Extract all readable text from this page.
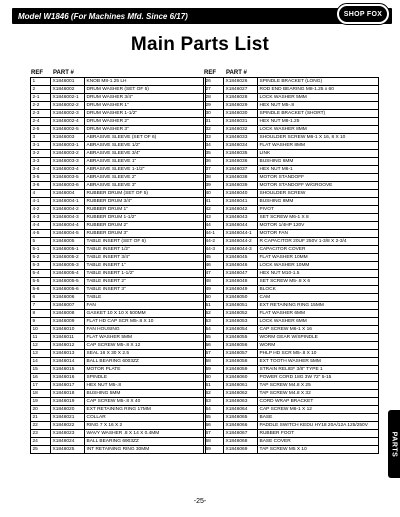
Model W1846 (For Machines Mfd. Since 6/17)	SHOP FOX
Main Parts List
REF	PART #
1	X1846001	KNOB M8-1.25 LH
2	X1846002	DRUM WASHER (SET OF 5)
2-1	X1846002-1	DRUM WASHER 3/4"
2-2	X1846002-2	DRUM WASHER 1"
2-3	X1846002-3	DRUM WASHER 1-1/2"
2-4	X1846002-4	DRUM WASHER 2"
2-5	X1846002-5	DRUM WASHER 3"
3	X1846003	ABRASIVE SLEEVE (SET OF 6)
3-1	X1846003-1	ABRASIVE SLEEVE 1/2"
3-2	X1846003-2	ABRASIVE SLEEVE 3/4"
3-3	X1846003-3	ABRASIVE SLEEVE 1"
3-4	X1846003-4	ABRASIVE SLEEVE 1-1/2"
3-5	X1846003-5	ABRASIVE SLEEVE 2"
3-6	X1846003-6	ABRASIVE SLEEVE 3"
4	X1846004	RUBBER DRUM (SET OF 5)
4-1	X1846004-1	RUBBER DRUM 3/4"
4-2	X1846004-2	RUBBER DRUM 1"
4-3	X1846004-3	RUBBER DRUM 1-1/2"
4-4	X1846004-4	RUBBER DRUM 2"
4-5	X1846004-5	RUBBER DRUM 3"
5	X1846005	TABLE INSERT (SET OF 6)
5-1	X1846005-1	TABLE INSERT 1/2"
5-2	X1846005-2	TABLE INSERT 3/4"
5-3	X1846005-3	TABLE INSERT 1"
5-4	X1846005-4	TABLE INSERT 1-1/2"
5-5	X1846005-5	TABLE INSERT 2"
5-6	X1846005-6	TABLE INSERT 3"
6	X1846006	TABLE
7	X1846007	FAN
8	X1846008	GASKET 10 X 10 X 500MM
9	X1846009	FLAT HD CAP SCR M5-.8 X 10
10	X1846010	FAN HOUSING
11	X1846011	FLAT WASHER 5MM
12	X1846012	CAP SCREW M5-.8 X 12
13	X1846013	SEAL 16 X 30 X 2.5
14	X1846014	BALL BEARING 6003ZZ
15	X1846015	MOTOR PLATE
16	X1846016	SPINDLE
17	X1846017	HEX NUT M5-.8
18	X1846018	BUSHING 5MM
19	X1846019	CAP SCREW M5-.8 X 40
20	X1846020	EXT RETAINING RING 17MM
21	X1846021	COLLAR
22	X1846022	RING 7 X 16 X 2
23	X1846023	WAVY WASHER .8 X 14 X 0.4MM
24	X1846024	BALL BEARING 6903ZZ
25	X1846025	INT RETAINING RING 30MM
REF	PART #
26	X1846026	SPINDLE BRACKET (LONG)
27	X1846027	ROD END BEARING M8-1.25 x 60
28	X1846028	LOCK WASHER 5MM
29	X1846029	HEX NUT M5-.8
30	X1846030	SPINDLE BRACKET (SHORT)
31	X1846031	HEX NUT M8-1.25
32	X1846032	LOCK WASHER 8MM
33	X1846033	SHOULDER SCREW M6-1 X 16, 8 X 10
34	X1846034	FLAT WASHER 8MM
35	X1846035	LINK
36	X1846036	BUSHING 6MM
37	X1846037	HEX NUT M6-1
38	X1846038	MOTOR STANDOFF
39	X1846039	MOTOR STANDOFF W/GROOVE
40	X1846040	SHOULDER SCREW
41	X1846041	BUSHING 8MM
42	X1846042	PIVOT
43	X1846043	SET SCREW M6-1 X 8
44	X1846044	MOTOR 1/4HP 120V
44-1	X1846044-1	MOTOR FAN
44-2	X1846044-2	R CAPACITOR 20UF 250V 1-3/8 X 2-3/4
44-3	X1846044-3	CAPACITOR COVER
45	X1846045	FLAT WASHER 10MM
46	X1846046	LOCK WASHER 10MM
47	X1846047	HEX NUT M10-1.5
48	X1846048	SET SCREW M5-.8 X 6
49	X1846049	BLOCK
50	X1846050	CAM
51	X1846051	EXT RETAINING RING 15MM
52	X1846052	FLAT WASHER 6MM
53	X1846053	LOCK WASHER 6MM
54	X1846054	CAP SCREW M6-1 X 16
55	X1846055	WORM GEAR W/SPINDLE
56	X1846056	WORM
57	X1846057	PHLP HD SCR M5-.8 X 10
58	X1846058	EXT TOOTH WASHER 5MM
59	X1846059	STRAIN RELIEF 3/8" TYPE 1
60	X1846060	POWER CORD 18G 3W 72" 5-15
61	X1846061	TAP SCREW M4.8 X 25
62	X1846062	TAP SCREW M4.8 X 32
63	X1846063	CORD WRAP BRACKET
64	X1846064	CAP SCREW M6-1 X 12
65	X1846065	BASE
66	X1846066	PADDLE SWITCH KEDU HY18 20A/12A 125/250V
67	X1846067	RUBBER FOOT
68	X1846068	BASE COVER
69	X1846069	TAP SCREW M5 X 10	PARTS
-25-
